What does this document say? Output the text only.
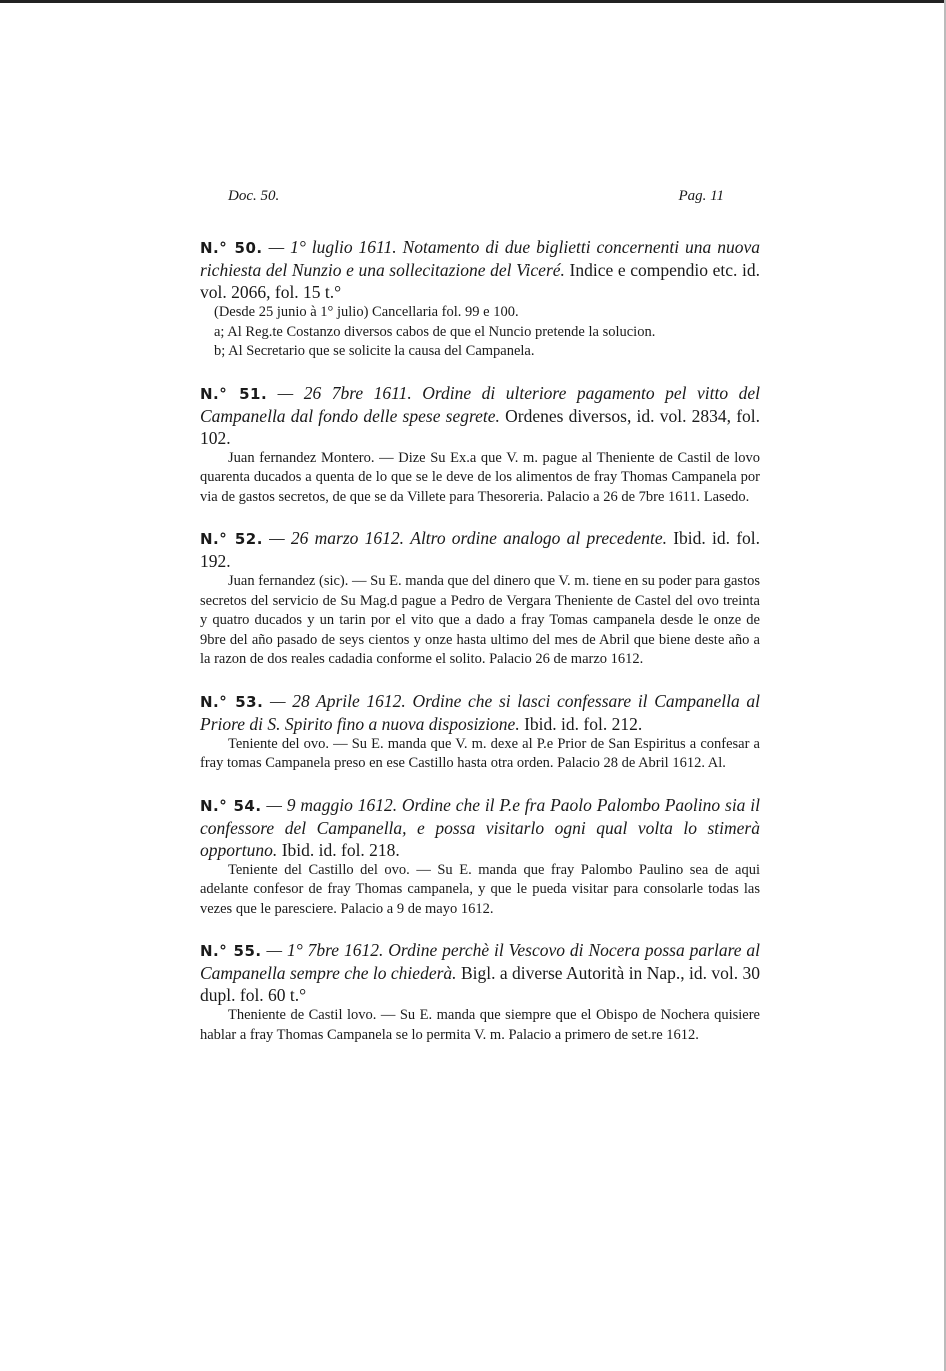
Doc. 50.	Pag. 11
N.° 50. — 1° luglio 1611. Notamento di due biglietti concernenti una nuova richiesta del Nunzio e una sollecitazione del Viceré. Indice e compendio etc. id. vol. 2066, fol. 15 t.°
(Desde 25 junio à 1° julio) Cancellaria fol. 99 e 100.
a; Al Reg.te Costanzo diversos cabos de que el Nuncio pretende la solucion.
b; Al Secretario que se solicite la causa del Campanela.
N.° 51. — 26 7bre 1611. Ordine di ulteriore pagamento pel vitto del Campanella dal fondo delle spese segrete. Ordenes diversos, id. vol. 2834, fol. 102.
Juan fernandez Montero. — Dize Su Ex.a que V. m. pague al Theniente de Castil de lovo quarenta ducados a quenta de lo que se le deve de los alimentos de fray Thomas Campanela por via de gastos secretos, de que se da Villete para Thesoreria. Palacio a 26 de 7bre 1611. Lasedo.
N.° 52. — 26 marzo 1612. Altro ordine analogo al precedente. Ibid. id. fol. 192.
Juan fernandez (sic). — Su E. manda que del dinero que V. m. tiene en su poder para gastos secretos del servicio de Su Mag.d pague a Pedro de Vergara Theniente de Castel del ovo treinta y quatro ducados y un tarin por el vito que a dado a fray Tomas campanela desde le onze de 9bre del año pasado de seys cientos y onze hasta ultimo del mes de Abril que biene deste año a la razon de dos reales cadadia conforme el solito. Palacio 26 de marzo 1612.
N.° 53. — 28 Aprile 1612. Ordine che si lasci confessare il Campanella al Priore di S. Spirito fino a nuova disposizione. Ibid. id. fol. 212.
Teniente del ovo. — Su E. manda que V. m. dexe al P.e Prior de San Espiritus a confesar a fray tomas Campanela preso en ese Castillo hasta otra orden. Palacio 28 de Abril 1612. Al.
N.° 54. — 9 maggio 1612. Ordine che il P.e fra Paolo Palombo Paolino sia il confessore del Campanella, e possa visitarlo ogni qual volta lo stimerà opportuno. Ibid. id. fol. 218.
Teniente del Castillo del ovo. — Su E. manda que fray Palombo Paulino sea de aqui adelante confesor de fray Thomas campanela, y que le pueda visitar para consolarle todas las vezes que le paresciere. Palacio a 9 de mayo 1612.
N.° 55. — 1° 7bre 1612. Ordine perchè il Vescovo di Nocera possa parlare al Campanella sempre che lo chiederà. Bigl. a diverse Autorità in Nap., id. vol. 30 dupl. fol. 60 t.°
Theniente de Castil lovo. — Su E. manda que siempre que el Obispo de Nochera quisiere hablar a fray Thomas Campanela se lo permita V. m. Palacio a primero de set.re 1612.
